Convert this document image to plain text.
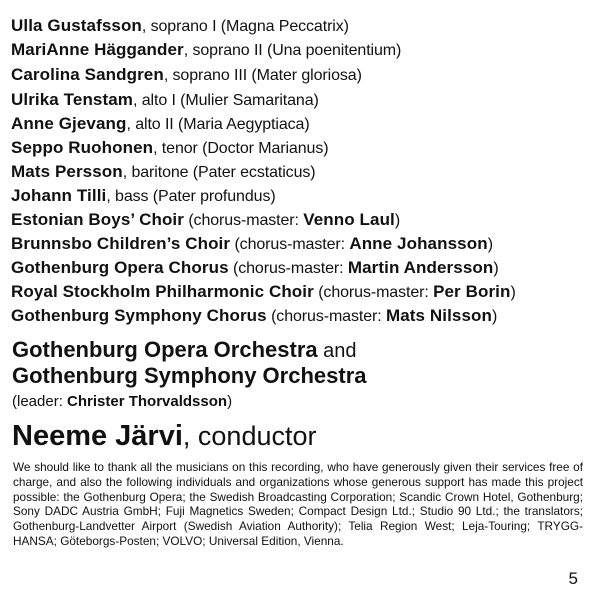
Ulla Gustafsson, soprano I (Magna Peccatrix)
MariAnne Häggander, soprano II (Una poenitentium)
Carolina Sandgren, soprano III (Mater gloriosa)
Ulrika Tenstam, alto I (Mulier Samaritana)
Anne Gjevang, alto II (Maria Aegyptiaca)
Seppo Ruohonen, tenor (Doctor Marianus)
Mats Persson, baritone (Pater ecstaticus)
Johann Tilli, bass (Pater profundus)
Estonian Boys’ Choir (chorus-master: Venno Laul)
Brunnsbo Children’s Choir (chorus-master: Anne Johansson)
Gothenburg Opera Chorus (chorus-master: Martin Andersson)
Royal Stockholm Philharmonic Choir (chorus-master: Per Borin)
Gothenburg Symphony Chorus (chorus-master: Mats Nilsson)
Gothenburg Opera Orchestra and
Gothenburg Symphony Orchestra
(leader: Christer Thorvaldsson)
Neeme Järvi, conductor
We should like to thank all the musicians on this recording, who have generously given their services free of charge, and also the following individuals and organizations whose generous support has made this project possible: the Gothenburg Opera; the Swedish Broadcasting Corporation; Scandic Crown Hotel, Gothenburg; Sony DADC Austria GmbH; Fuji Magnetics Sweden; Compact Design Ltd.; Studio 90 Ltd.; the translators; Gothenburg-Landvetter Airport (Swedish Aviation Authority); Telia Region West; Leja-Touring; TRYGG-HANSA; Göteborgs-Posten; VOLVO; Universal Edition, Vienna.
5
